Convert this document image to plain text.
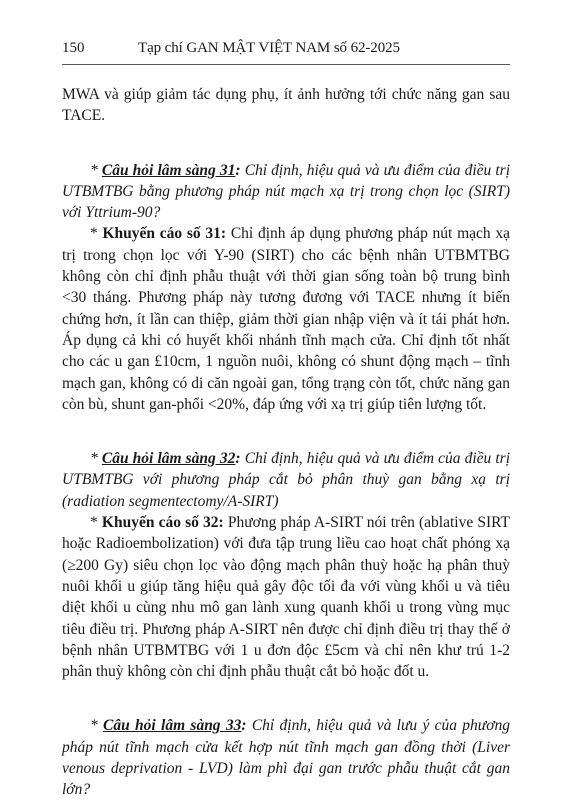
150	Tạp chí GAN MẬT VIỆT NAM số 62-2025

MWA và giúp giảm tác dụng phụ, ít ảnh hưởng tới chức năng gan sau TACE.

* Câu hỏi lâm sàng 31: Chỉ định, hiệu quả và ưu điểm của điều trị UTBMTBG bằng phương pháp nút mạch xạ trị trong chọn lọc (SIRT) với Yttrium-90?

* Khuyến cáo số 31: Chỉ định áp dụng phương pháp nút mạch xạ trị trong chọn lọc với Y-90 (SIRT) cho các bệnh nhân UTBMTBG không còn chỉ định phẫu thuật với thời gian sống toàn bộ trung bình <30 tháng. Phương pháp này tương đương với TACE nhưng ít biến chứng hơn, ít lần can thiệp, giảm thời gian nhập viện và ít tái phát hơn. Áp dụng cả khi có huyết khối nhánh tĩnh mạch cửa. Chỉ định tốt nhất cho các u gan £10cm, 1 nguồn nuôi, không có shunt động mạch – tĩnh mạch gan, không có di căn ngoài gan, tổng trạng còn tốt, chức năng gan còn bù, shunt gan-phổi <20%, đáp ứng với xạ trị giúp tiên lượng tốt.

* Câu hỏi lâm sàng 32: Chỉ định, hiệu quả và ưu điểm của điều trị UTBMTBG với phương pháp cắt bỏ phân thuỳ gan bằng xạ trị (radiation segmentectomy/A-SIRT)

* Khuyến cáo số 32: Phương pháp A-SIRT nói trên (ablative SIRT hoặc Radioembolization) với đưa tập trung liều cao hoạt chất phóng xạ (≥200 Gy) siêu chọn lọc vào động mạch phân thuỳ hoặc hạ phân thuỳ nuôi khối u giúp tăng hiệu quả gây độc tối đa với vùng khối u và tiêu diệt khối u cùng nhu mô gan lành xung quanh khối u trong vùng mục tiêu điều trị. Phương pháp A-SIRT nên được chỉ định điều trị thay thế ở bệnh nhân UTBMTBG với 1 u đơn độc £5cm và chỉ nên khư trú 1-2 phân thuỳ không còn chỉ định phẫu thuật cắt bỏ hoặc đốt u.

* Câu hỏi lâm sàng 33: Chỉ định, hiệu quả và lưu ý của phương pháp nút tĩnh mạch cửa kết hợp nút tĩnh mạch gan đồng thời (Liver venous deprivation - LVD) làm phì đại gan trước phẫu thuật cắt gan lớn?
